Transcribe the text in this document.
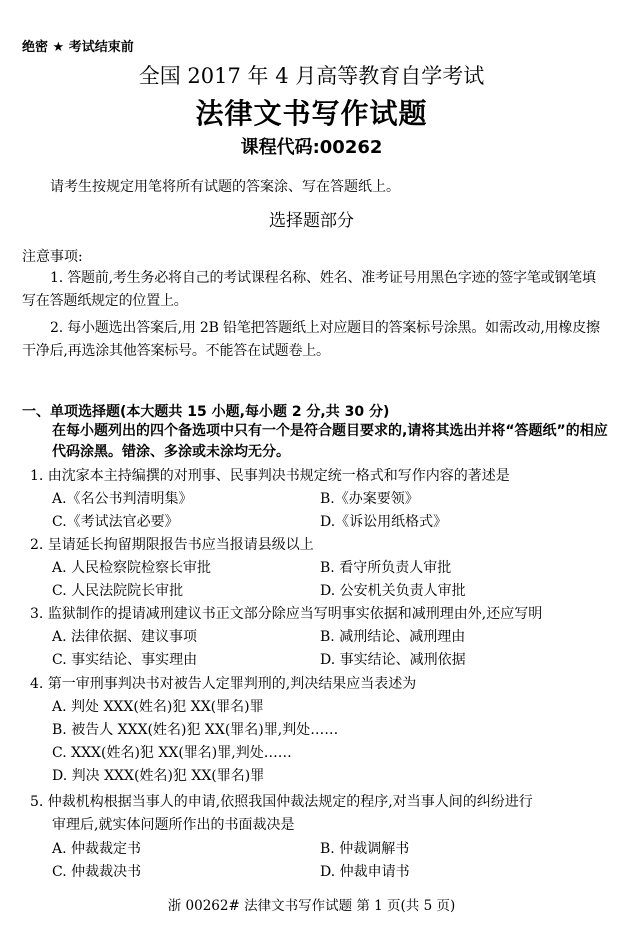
绝密 ★ 考试结束前
全国 2017 年 4 月高等教育自学考试
法律文书写作试题
课程代码:00262
请考生按规定用笔将所有试题的答案涂、写在答题纸上。
选择题部分
注意事项:
1. 答题前,考生务必将自己的考试课程名称、姓名、准考证号用黑色字迹的签字笔或钢笔填写在答题纸规定的位置上。
2. 每小题选出答案后,用 2B 铅笔把答题纸上对应题目的答案标号涂黑。如需改动,用橡皮擦干净后,再选涂其他答案标号。不能答在试题卷上。
一、单项选择题(本大题共 15 小题,每小题 2 分,共 30 分)
在每小题列出的四个备选项中只有一个是符合题目要求的,请将其选出并将“答题纸”的相应代码涂黑。错涂、多涂或未涂均无分。
1. 由沈家本主持编撰的对刑事、民事判决书规定统一格式和写作内容的著述是
A.《名公书判清明集》	B.《办案要领》
C.《考试法官必要》	D.《诉讼用纸格式》
2. 呈请延长拘留期限报告书应当报请县级以上
A. 人民检察院检察长审批	B. 看守所负责人审批
C. 人民法院院长审批	D. 公安机关负责人审批
3. 监狱制作的提请减刑建议书正文部分除应当写明事实依据和减刑理由外,还应写明
A. 法律依据、建议事项	B. 减刑结论、减刑理由
C. 事实结论、事实理由	D. 事实结论、减刑依据
4. 第一审刑事判决书对被告人定罪判刑的,判决结果应当表述为
A. 判处 XXX(姓名)犯 XX(罪名)罪
B. 被告人 XXX(姓名)犯 XX(罪名)罪,判处……
C. XXX(姓名)犯 XX(罪名)罪,判处……
D. 判决 XXX(姓名)犯 XX(罪名)罪
5. 仲裁机构根据当事人的申请,依照我国仲裁法规定的程序,对当事人间的纠纷进行
审理后,就实体问题所作出的书面裁决是
A. 仲裁裁定书	B. 仲裁调解书
C. 仲裁裁决书	D. 仲裁申请书
浙 00262# 法律文书写作试题 第 1 页(共 5 页)
